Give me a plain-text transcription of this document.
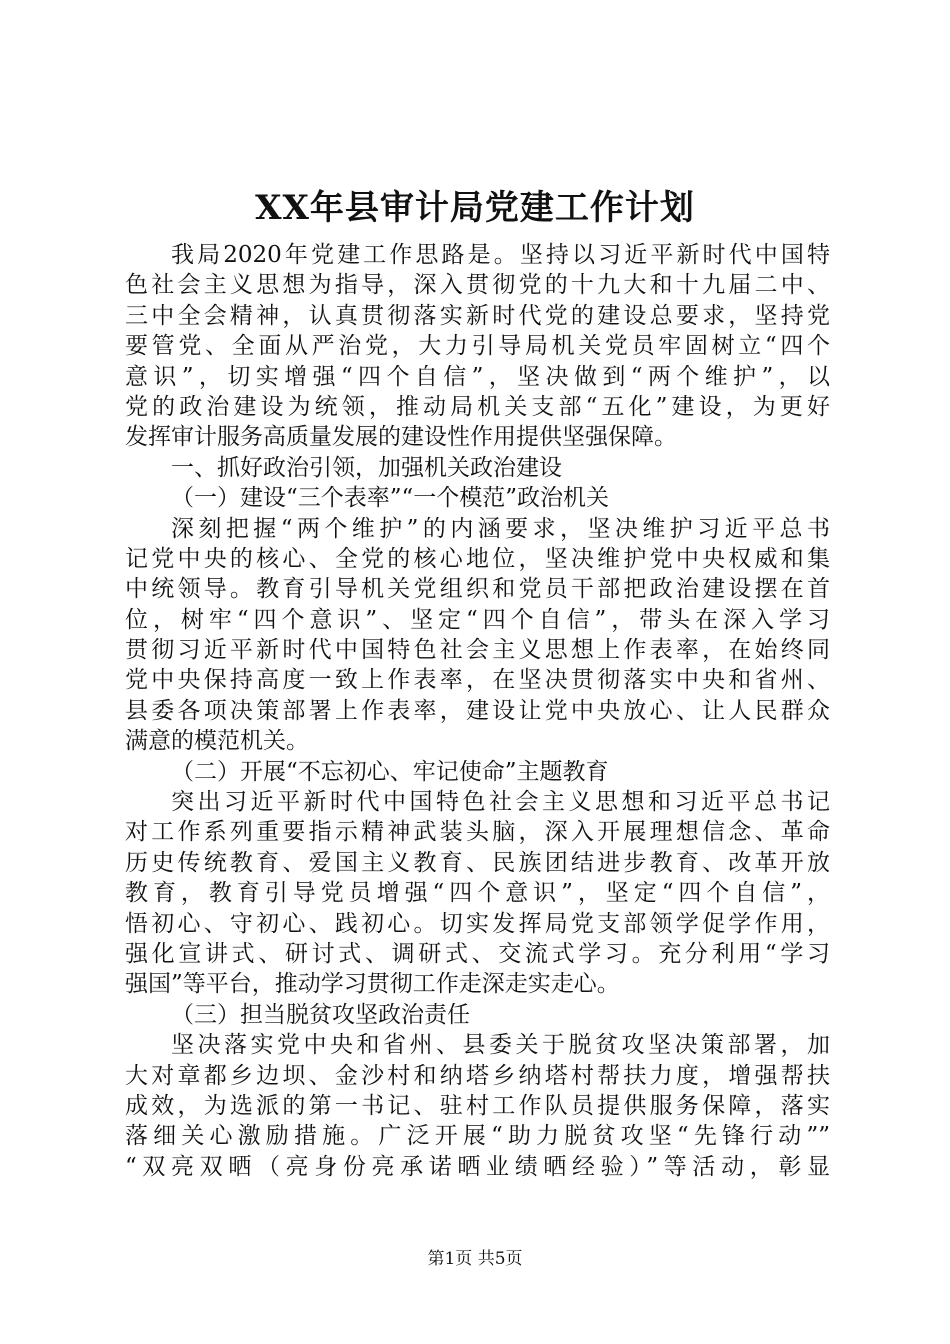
XX年县审计局党建工作计划

我局2020年党建工作思路是。坚持以习近平新时代中国特
色社会主义思想为指导，深入贯彻党的十九大和十九届二中、
三中全会精神，认真贯彻落实新时代党的建设总要求，坚持党
要管党、全面从严治党，大力引导局机关党员牢固树立“四个
意识”，切实增强“四个自信”，坚决做到“两个维护”，以
党的政治建设为统领，推动局机关支部“五化”建设，为更好
发挥审计服务高质量发展的建设性作用提供坚强保障。

一、抓好政治引领，加强机关政治建设

（一）建设“三个表率”“一个模范”政治机关

深刻把握“两个维护”的内涵要求，坚决维护习近平总书
记党中央的核心、全党的核心地位，坚决维护党中央权威和集
中统领导。教育引导机关党组织和党员干部把政治建设摆在首
位，树牢“四个意识”、坚定“四个自信”，带头在深入学习
贯彻习近平新时代中国特色社会主义思想上作表率，在始终同
党中央保持高度一致上作表率，在坚决贯彻落实中央和省州、
县委各项决策部署上作表率，建设让党中央放心、让人民群众
满意的模范机关。

（二）开展“不忘初心、牢记使命”主题教育

突出习近平新时代中国特色社会主义思想和习近平总书记
对工作系列重要指示精神武装头脑，深入开展理想信念、革命
历史传统教育、爱国主义教育、民族团结进步教育、改革开放
教育，教育引导党员增强“四个意识”，坚定“四个自信”，
悟初心、守初心、践初心。切实发挥局党支部领学促学作用，
强化宣讲式、研讨式、调研式、交流式学习。充分利用“学习
强国”等平台，推动学习贯彻工作走深走实走心。

（三）担当脱贫攻坚政治责任

坚决落实党中央和省州、县委关于脱贫攻坚决策部署，加
大对章都乡边坝、金沙村和纳塔乡纳塔村帮扶力度，增强帮扶
成效，为选派的第一书记、驻村工作队员提供服务保障，落实
落细关心激励措施。广泛开展“助力脱贫攻坚“先锋行动””
“双亮双晒（亮身份亮承诺晒业绩晒经验）”等活动，彰显

第1页 共5页
